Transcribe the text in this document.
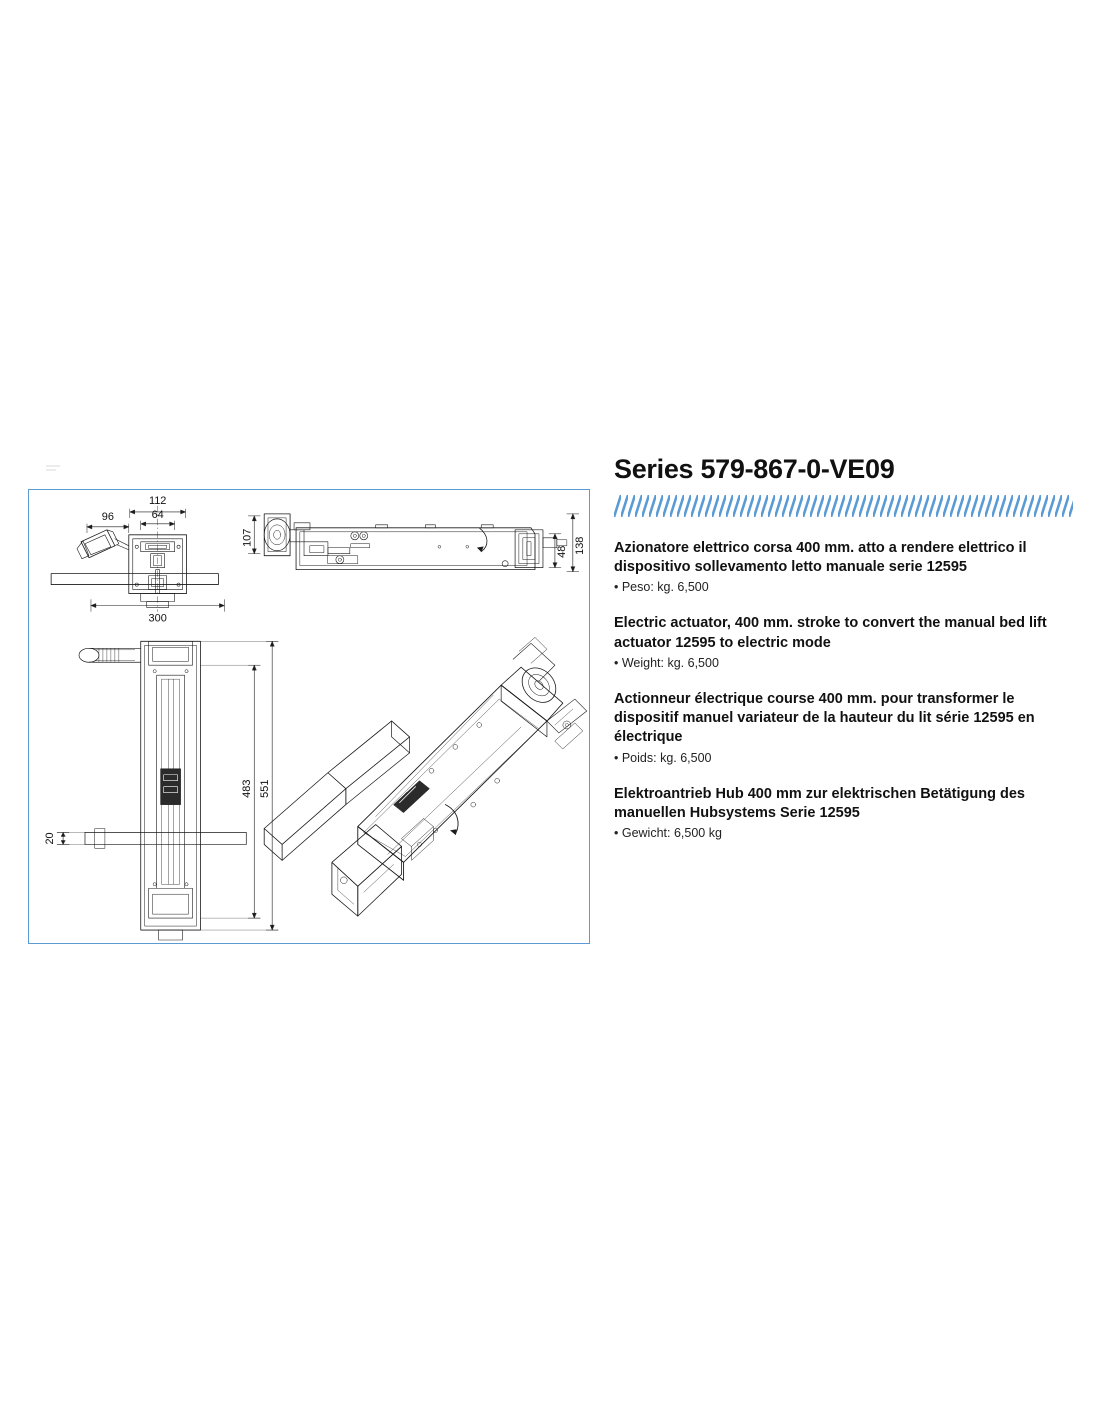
112
96	64
300
107	138
48
551
483
20
Series 579-867-0-VE09

Azionatore elettrico corsa 400 mm. atto a rendere elettrico il dispositivo sollevamento letto manuale serie 12595

• Peso: kg. 6,500

Electric actuator, 400 mm. stroke to convert the manual bed lift actuator 12595 to electric mode

• Weight: kg. 6,500

Actionneur électrique course 400 mm. pour transformer le dispositif manuel variateur de la hauteur du lit série 12595 en électrique

• Poids: kg. 6,500

Elektroantrieb Hub 400 mm zur elektrischen Betätigung des manuellen Hubsystems Serie 12595

• Gewicht: 6,500 kg
